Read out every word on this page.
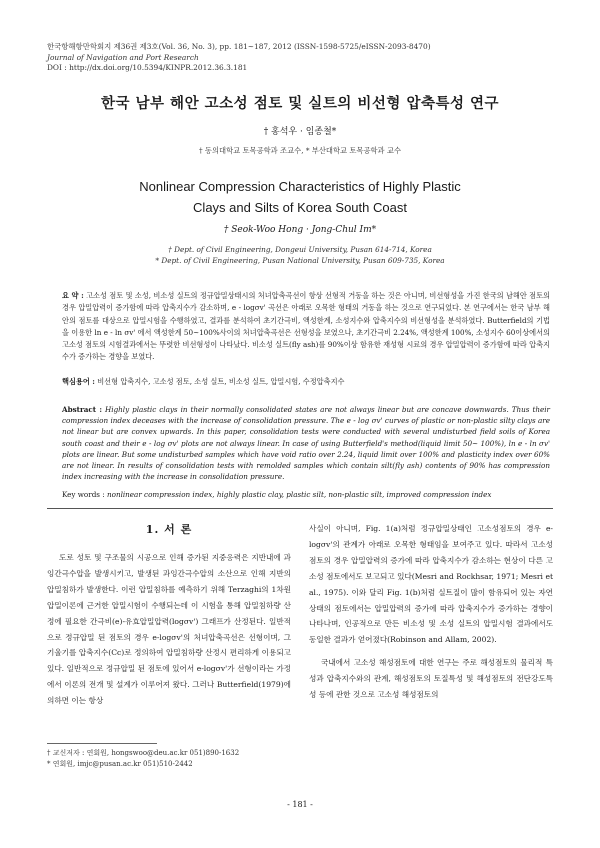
한국항해항만학회지 제36권 제3호(Vol. 36, No. 3), pp. 181~187, 2012 (ISSN-1598-5725/eISSN-2093-8470)
Journal of Navigation and Port Research
DOI : http://dx.doi.org/10.5394/KINPR.2012.36.3.181
한국 남부 해안 고소성 점토 및 실트의 비선형 압축특성 연구
† 홍석우 · 임종철*
† 동의대학교 토목공학과 조교수, * 부산대학교 토목공학과 교수
Nonlinear Compression Characteristics of Highly Plastic
Clays and Silts of Korea South Coast
† Seok-Woo Hong · Jong-Chul Im*
† Dept. of Civil Engineering, Dongeui University, Pusan 614-714, Korea
* Dept. of Civil Engineering, Pusan National University, Pusan 609-735, Korea
요 약 : 고소성 점토 및 소성, 비소성 실트의 정규압밀상태시의 처녀압축곡선이 항상 선형적 거동을 하는 것은 아니며, 비선형성을 가진 한국의 남해안 점토의 경우 압밀압력이 증가함에 따라 압축지수가 감소하며, e - logσv' 곡선은 아래로 오목한 형태의 거동을 하는 것으로 연구되었다. 본 연구에서는 한국 남부 해안의 점토를 대상으로 압밀시험을 수행하였고, 결과를 분석하여 초기간극비, 액성한계, 소성지수와 압축지수의 비선형성을 분석하였다. Butterfield의 기법을 이용한 ln e - ln σv' 에서 액성한계 50~100%사이의 처녀압축곡선은 선형성을 보였으나, 초기간극비 2.24%, 액성한계 100%, 소성지수 60이상에서의 고소성 점토의 시험결과에서는 뚜렷한 비선형성이 나타났다. 비소성 실트(fly ash)를 90%이상 함유한 재성형 시료의 경우 압밀압력이 증가함에 따라 압축지수가 증가하는 경향을 보였다.
핵심용어 : 비선형 압축지수, 고소성 점토, 소성 실트, 비소성 실트, 압밀시험, 수정압축지수
Abstract : Highly plastic clays in their normally consolidated states are not always linear but are concave downwards. Thus their compression index deceases with the increase of consolidation pressure. The e - log σv' curves of plastic or non-plastic silty clays are not linear but are convex upwards. In this paper, consolidation tests were conducted with several undisturbed field soils of Korea south coast and their e - log σv' plots are not always linear. In case of using Butterfield's method(liquid limit 50~ 100%), ln e - ln σv' plots are linear. But some undisturbed samples which have void ratio over 2.24, liquid limit over 100% and plasticity index over 60% are not linear. In results of consolidation tests with remolded samples which contain silt(fly ash) contents of 90% has compression index increasing with the increase in consolidation pressure.
Key words : nonlinear compression index, highly plastic clay, plastic silt, non-plastic silt, improved compression index
1. 서 론

도로 성토 및 구조물의 시공으로 인해 증가된 지중응력은 지반내에 과잉간극수압을 발생시키고, 발생된 과잉간극수압의 소산으로 인해 지반의 압밀침하가 발생한다. 이런 압밀침하를 예측하기 위해 Terzaghi의 1차원 압밀이론에 근거한 압밀시험이 수행되는데 이 시험을 통해 압밀침하량 산정에 필요한 간극비(e)-유효압밀압력(logσv') 그래프가 산정된다. 일반적으로 정규압밀 된 점토의 경우 e-logσv'의 처녀압축곡선은 선형이며, 그 기울기를 압축지수(Cc)로 정의하여 압밀침하량 산정시 편리하게 이용되고 있다. 일반적으로 정규압밀 된 점토에 있어서 e-logσv'가 선형이라는 가정에서 이론의 전개 및 설계가 이루어져 왔다. 그러나 Butterfield(1979)에 의하면 이는 항상

사실이 아니며, Fig. 1(a)처럼 정규압밀상태인 고소성점토의 경우 e-logσv'의 관계가 아래로 오목한 형태임을 보여주고 있다. 따라서 고소성 점토의 경우 압밀압력의 증가에 따라 압축지수가 감소하는 현상이 다른 고소성 점토에서도 보고되고 있다(Mesri and Rockhsar, 1971; Mesri et al., 1975). 이와 달리 Fig. 1(b)처럼 실트질이 많이 함유되어 있는 자연상태의 점토에서는 압밀압력의 증가에 따라 압축지수가 증가하는 경향이 나타나며, 인공적으로 만든 비소성 및 소성 실트의 압밀시험 결과에서도 동일한 결과가 얻어졌다(Robinson and Allam, 2002).

국내에서 고소성 해성점토에 대한 연구는 주로 해성점토의 물리적 특성과 압축지수와의 관계, 해성점토의 토질특성 및 해성점토의 전단강도특성 등에 관한 것으로 고소성 해성점토의

† 교신저자 : 연회원, hongswoo@deu.ac.kr 051)890-1632
* 연회원, imjc@pusan.ac.kr 051)510-2442
- 181 -
